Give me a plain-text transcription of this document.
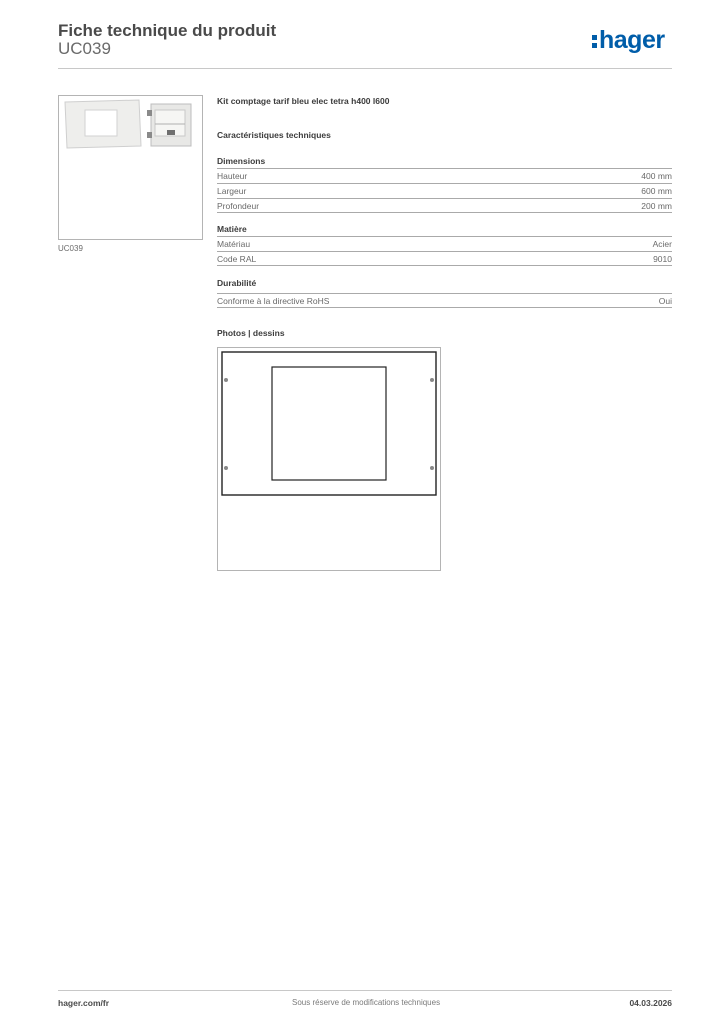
Fiche technique du produit
UC039	hager
UC039
Kit comptage tarif bleu elec tetra h400 l600
Caractéristiques techniques
Dimensions
Hauteur	400 mm
Largeur	600 mm
Profondeur	200 mm
Matière
Matériau	Acier
Code RAL	9010
Durabilité
Conforme à la directive RoHS	Oui
Photos | dessins
hager.com/fr	Sous réserve de modifications techniques	04.03.2026
